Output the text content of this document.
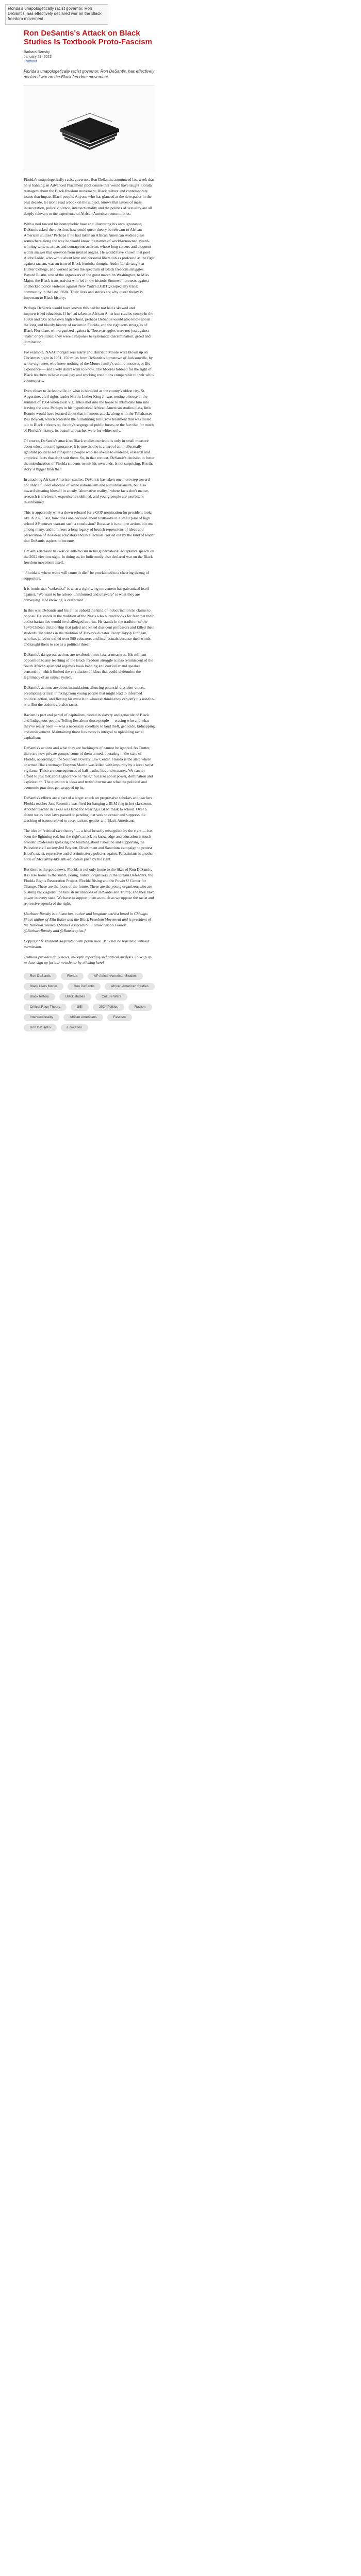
Florida's unapologetically racist governor, Ron DeSantis, has effectively declared war on the Black freedom movement
Ron DeSantis's Attack on Black Studies Is Textbook Proto-Fascism
Barbara Ransby
January 28, 2023
Truthout

Florida's unapologetically racist governor, Ron DeSantis, has effectively declared war on the Black freedom movement.

Florida's unapologetically racist governor, Ron DeSantis, announced last week that he is banning an Advanced Placement pilot course that would have taught Florida teenagers about the Black freedom movement, Black culture and contemporary issues that impact Black people. Anyone who has glanced at the newspaper in the past decade, let alone read a book on the subject, knows that issues of mass incarceration, police violence, intersectionality and the politics of sexuality are all deeply relevant to the experience of African American communities.

With a nod toward his homophobic base and illustrating his own ignorance, DeSantis asked the question, how could queer theory be relevant to African American studies? Perhaps if he had taken an African American studies class somewhere along the way he would know the names of world-renowned award-winning writers, artists and courageous activists whose long careers and eloquent words answer that question from myriad angles. He would have known that poet Audre Lorde, who wrote about love and personal liberation as profound as the fight against racism, was an icon of Black feminist thought. Audre Lorde taught at Hunter College, and worked across the spectrum of Black freedom struggles. Bayard Rustin, one of the organizers of the great march on Washington, to Miss Major, the Black trans activist who led in the historic Stonewall protests against unchecked police violence against New York's LGBTQ (especially trans) community in the late 1960s. Their lives and stories are why queer theory is important to Black history.

Perhaps DeSantis would have known this had he not had a skewed and impoverished education. If he had taken an African American studies course in the 1980s and '90s at his own high school, perhaps DeSantis would also know about the long and bloody history of racism in Florida, and the righteous struggles of Black Floridians who organized against it. Those struggles were not just against "hate" or prejudice; they were a response to systematic discrimination, greed and domination.

For example, NAACP organizers Harry and Harriette Moore were blown up on Christmas night in 1951, 150 miles from DeSantis's hometown of Jacksonville, by white vigilantes who knew nothing of the Moore family's culture, motives or life experience — and likely didn't want to know. The Moores lobbied for the right of Black teachers to have equal pay and working conditions comparable to their white counterparts.

Even closer to Jacksonville, in what is heralded as the county's oldest city, St. Augustine, civil rights leader Martin Luther King Jr. was renting a house in the summer of 1964 when local vigilantes shot into the house to intimidate him into leaving the area. Perhaps in his hypothetical African American studies class, little Ronnie would have learned about that infamous attack, along with the Tallahassee Bus Boycott, which protested the humiliating Jim Crow treatment that was meted out to Black citizens on the city's segregated public buses, or the fact that for much of Florida's history, its beautiful beaches were for whites only.

Of course, DeSantis's attack on Black studies curricula is only in small measure about education and ignorance. It is true that he is a part of an intellectually ignorant political set conspiring people who are averse to evidence, research and empirical facts that don't suit them. So, in that context, DeSantis's decision to foster the miseducation of Florida students to suit his own ends, is not surprising. But the story is bigger than that.

In attacking African American studies, DeSantis has taken one more step toward not only a full-on embrace of white nationalism and authoritarianism, but also toward situating himself in a truly "alternative reality," where facts don't matter, research is irrelevant, expertise is sidelined, and young people are exorbitant misinformed.

This is apparently what a down-rebrand for a GOP nomination for president looks like in 2023. But, how does one decision about textbooks in a small pilot of high school AP courses warrant such a conclusion? Because it is not one action, but one among many, and it mirrors a long legacy of brutish repressions of ideas and persecution of dissident educators and intellectuals carried out by the kind of leader that DeSantis aspires to become.

DeSantis declared his war on anti-racism in his gubernatorial acceptance speech on the 2022 election night. In doing so, he ludicrously also declared war on the Black freedom movement itself.

"Florida is where woke will come to die," he proclaimed to a cheering throng of supporters.

It is ironic that "wokeness" is what a right-wing movement has galvanized itself against. "We want to be asleep, uninformed and unaware" is what they are conveying. Not knowing is celebrated.

In this war, DeSantis and his allies uphold the kind of indoctrination he claims to oppose. He stands in the tradition of the Nazis who burned books for fear that their authoritarian lies would be challenged in print. He stands in the tradition of the 1970 Chilean dictatorship that jailed and killed dissident professors and killed their students. He stands in the tradition of Turkey's dictator Recep Tayyip Erdoğan, who has jailed or exiled over 500 educators and intellectuals because their words and taught them to see as a political threat.

DeSantis's dangerous actions are textbook proto-fascist measures. His militant opposition to any teaching of the Black freedom struggle is also reminiscent of the South African apartheid regime's book banning and curricular and speaker censorship, which limited the circulation of ideas that could undermine the legitimacy of an unjust system.

DeSantis's actions are about intimidation, silencing potential dissident voices, preempting critical thinking from young people that might lead to informed political action, and flexing his muscle to whoever thinks they can defy his not-the-one. But the actions are also racist.

Racism is part and parcel of capitalism, rooted in slavery and genocide of Black and Indigenous people. Telling lies about those people — erasing who and what they've really been — was a necessary corollary to land theft, genocide, kidnapping and enslavement. Maintaining those lies today is integral to upholding racial capitalism.

DeSantis's actions and what they are harbingers of cannot be ignored. As Trotter, there are now private groups, some of them armed, operating in the state of Florida, according to the Southern Poverty Law Center. Florida is the state where unarmed Black teenager Trayvon Martin was killed with impunity by a local racist vigilante. These are consequences of half-truths, lies and erasures. We cannot afford to just talk about ignorance or "hate," but also about power, domination and exploitation. The question is ideas and truthful terms are what the political and economic practices get wrapped up in.

DeSantis's efforts are a part of a larger attack on progressive scholars and teachers. Florida teacher Jane Rosenfra was fired for hanging a BLM flag in her classroom. Another teacher in Texas was fired for wearing a BLM mask to school. Over a dozen states have laws passed or pending that seek to censor and suppress the teaching of issues related to race, racism, gender and Black Americans.

The idea of "critical race theory" — a label broadly misapplied by the right — has been the lightning rod, but the right's attack on knowledge and education is much broader. Professors speaking and teaching about Palestine and supporting the Palestine civil society-led Boycott, Divestment and Sanctions campaign to protest Israel's racist, repressive and discriminatory policies against Palestinians is another node of McCarthy-like anti-education push by the right.

But there is the good news. Florida is not only home to the likes of Ron DeSantis. It is also home to the smart, young, radical organizers in the Dream Defenders, the Florida Rights Restoration Project, Florida Rising and the Power U Center for Change. These are the faces of the future. These are the young organizers who are pushing back against the bullish inclinations of DeSantis and Trump, and they have power in every state. We have to support them as much as we oppose the racist and repressive agenda of the right.

[Barbara Ransby is a historian, author and longtime activist based in Chicago. She is author of Ella Baker and the Black Freedom Movement and is president of the National Women's Studies Association. Follow her on Twitter: @BarbaraRansby and @Ranseraplus.]

Copyright © Truthout. Reprinted with permission. May not be reprinted without permission.

Truthout provides daily news, in-depth reporting and critical analysis. To keep up to date, sign up for our newsletter by clicking here!

Ron DeSantis	Florida	AP African American Studies
Black Lives Matter	Ron DeSantis	African American Studies
Black history	Black studies	Culture Wars
Critical Race Theory	GEI	2024 Politics	Racism
Intersectionality	African Americans	Fascism
Ron DeSantis	Education
